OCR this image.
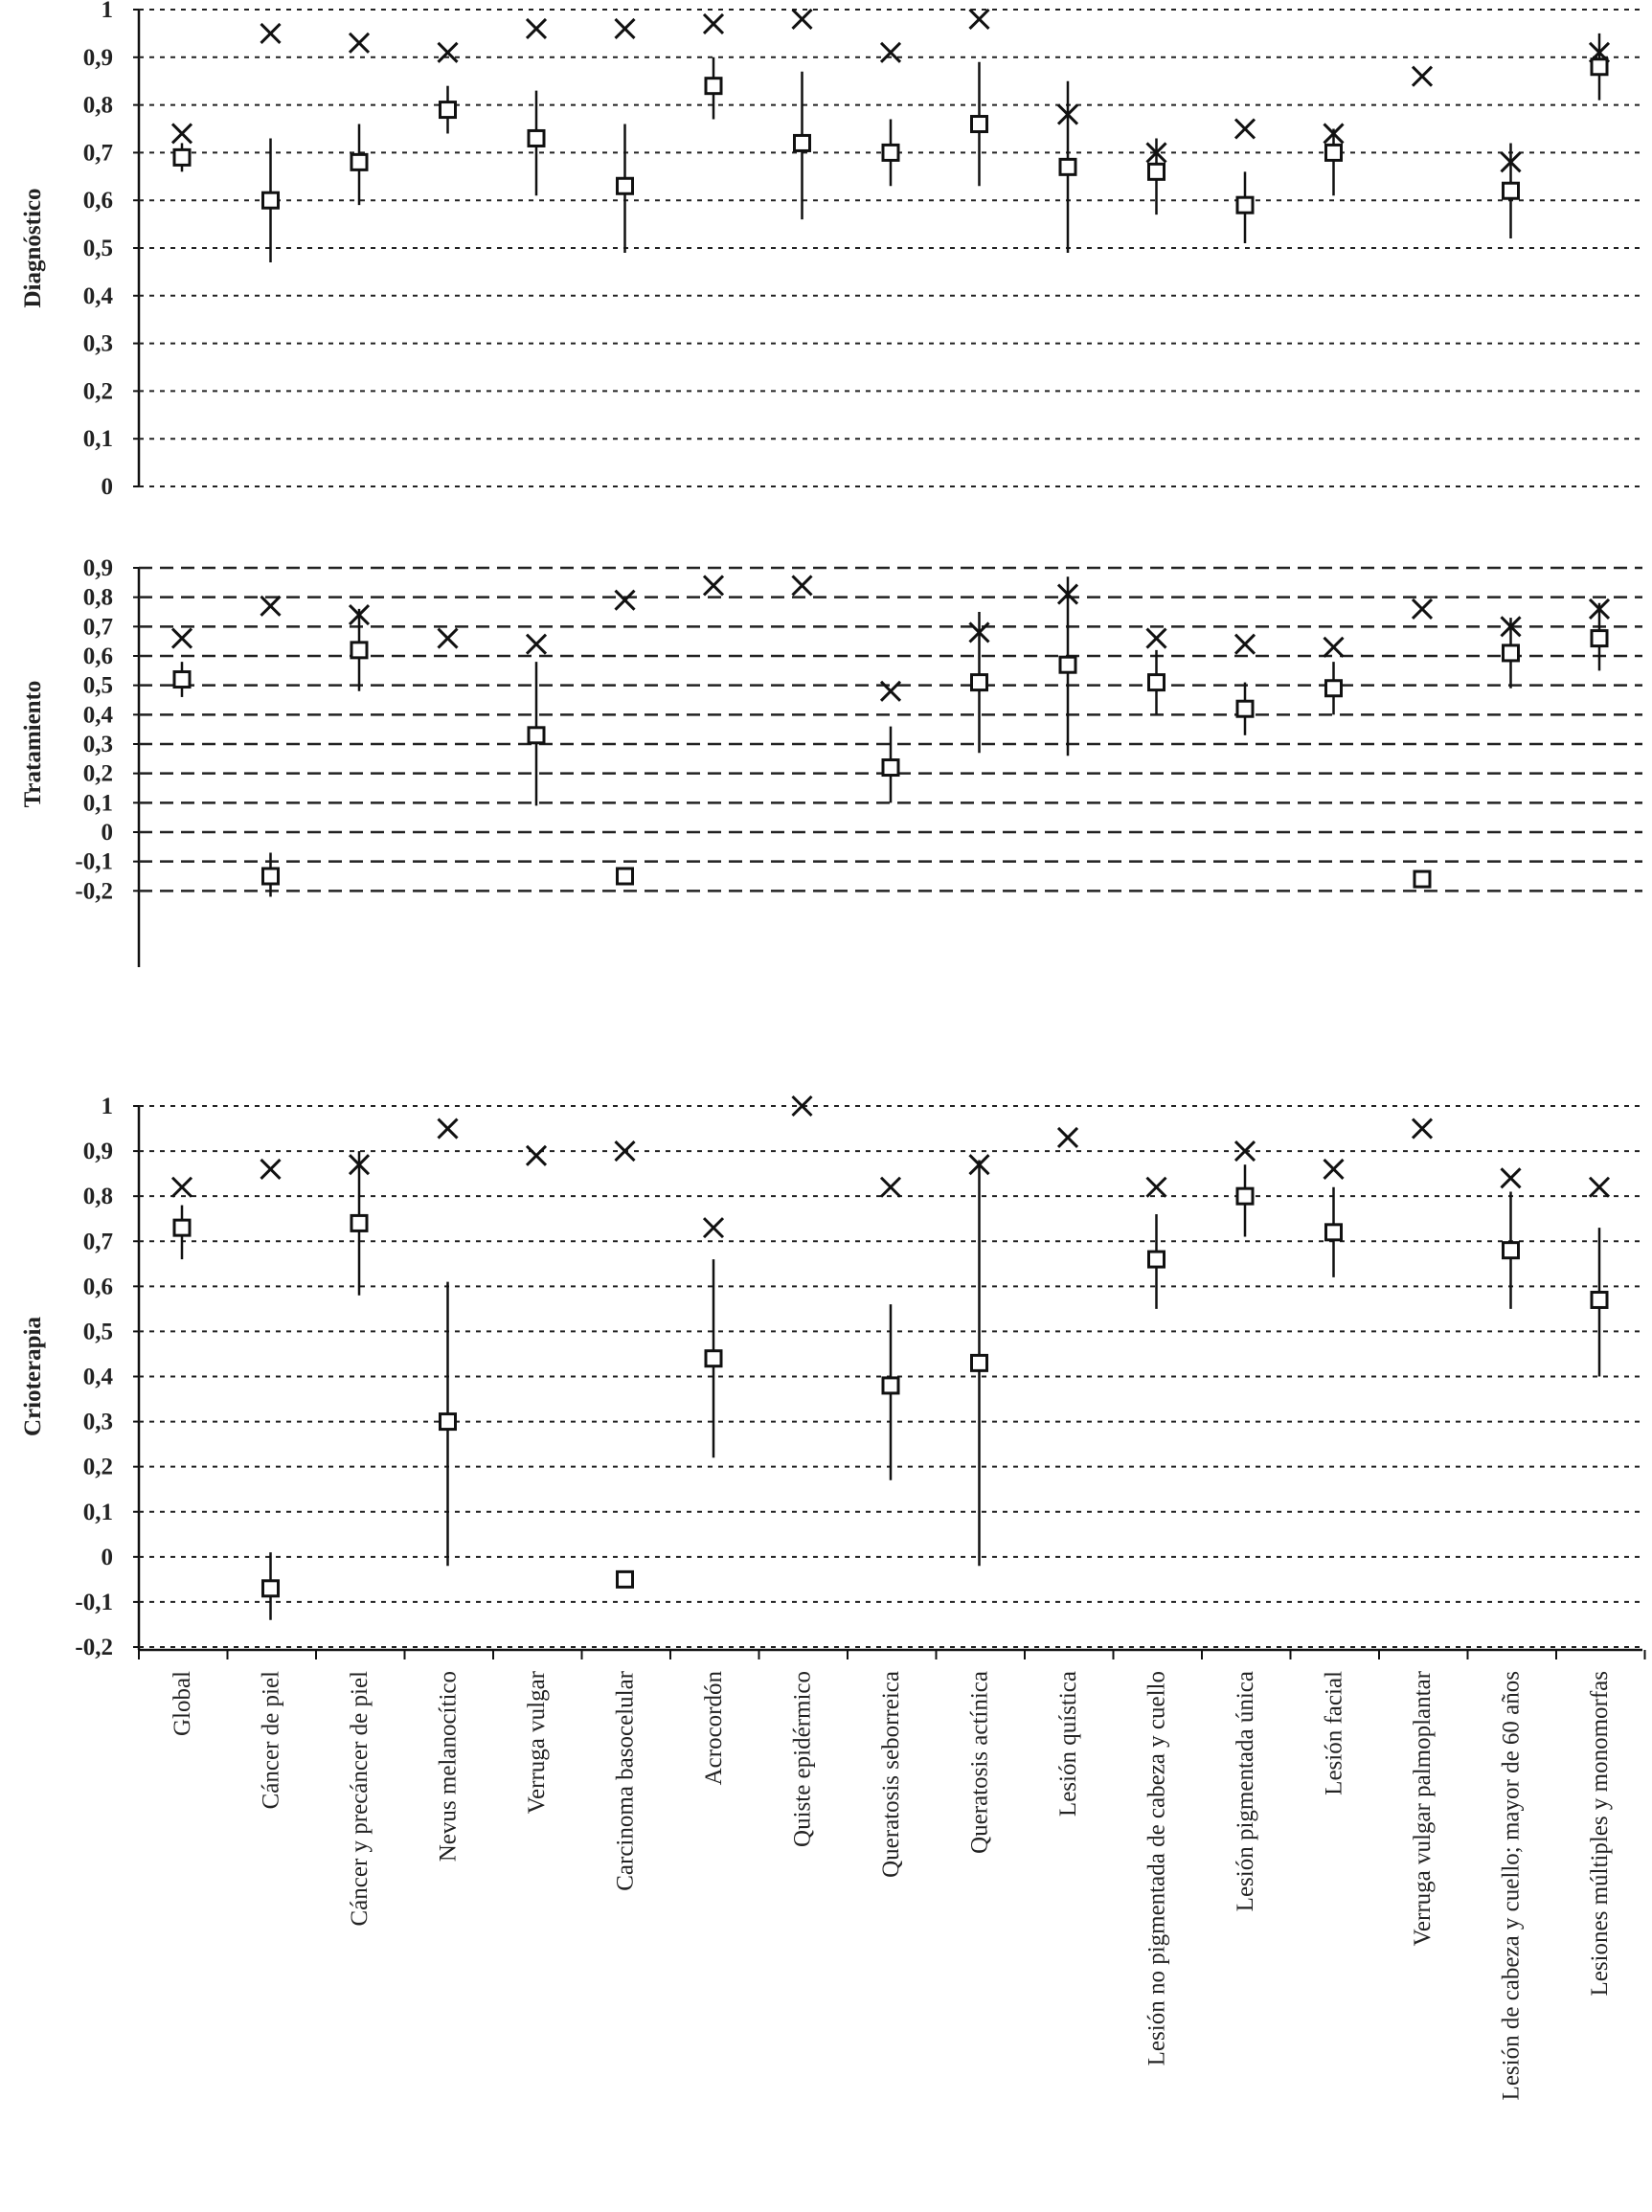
0
0,1
0,2
0,3
0,4
0,5
0,6
0,7
0,8
0,9
1
Diagnóstico
-0,2
-0,1
0
0,1
0,2
0,3
0,4
0,5
0,6
0,7
0,8
0,9
Tratamiento
-0,2
-0,1
0
0,1
0,2
0,3
0,4
0,5
0,6
0,7
0,8
0,9
1
Crioterapia
Global	Cáncer de piel	Cáncer y precáncer de piel	Nevus melanocítico	Verruga vulgar	Carcinoma basocelular	Acrocordón	Quiste epidérmico	Queratosis seborreica	Queratosis actínica	Lesión quística	Lesión no pigmentada de cabeza y cuello	Lesión pigmentada única	Lesión facial	Verruga vulgar palmoplantar	Lesión de cabeza y cuello; mayor de 60 años	Lesiones múltiples y monomorfas
